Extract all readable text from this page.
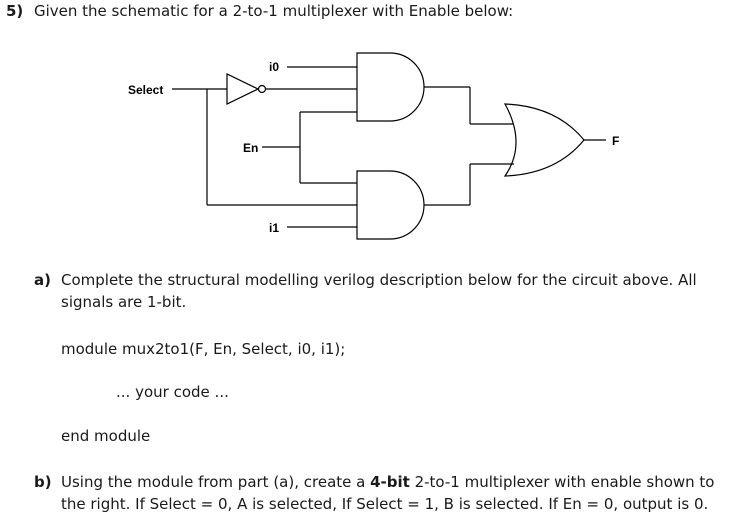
5) Given the schematic for a 2-to-1 multiplexer with Enable below:
Select
i0
En
i1
F
a) Complete the structural modelling verilog description below for the circuit above. All
signals are 1-bit.
module mux2to1(F, En, Select, i0, i1);
... your code ...
end module
b) Using the module from part (a), create a 4-bit 2-to-1 multiplexer with enable shown to
the right. If Select = 0, A is selected, If Select = 1, B is selected. If En = 0, output is 0.
